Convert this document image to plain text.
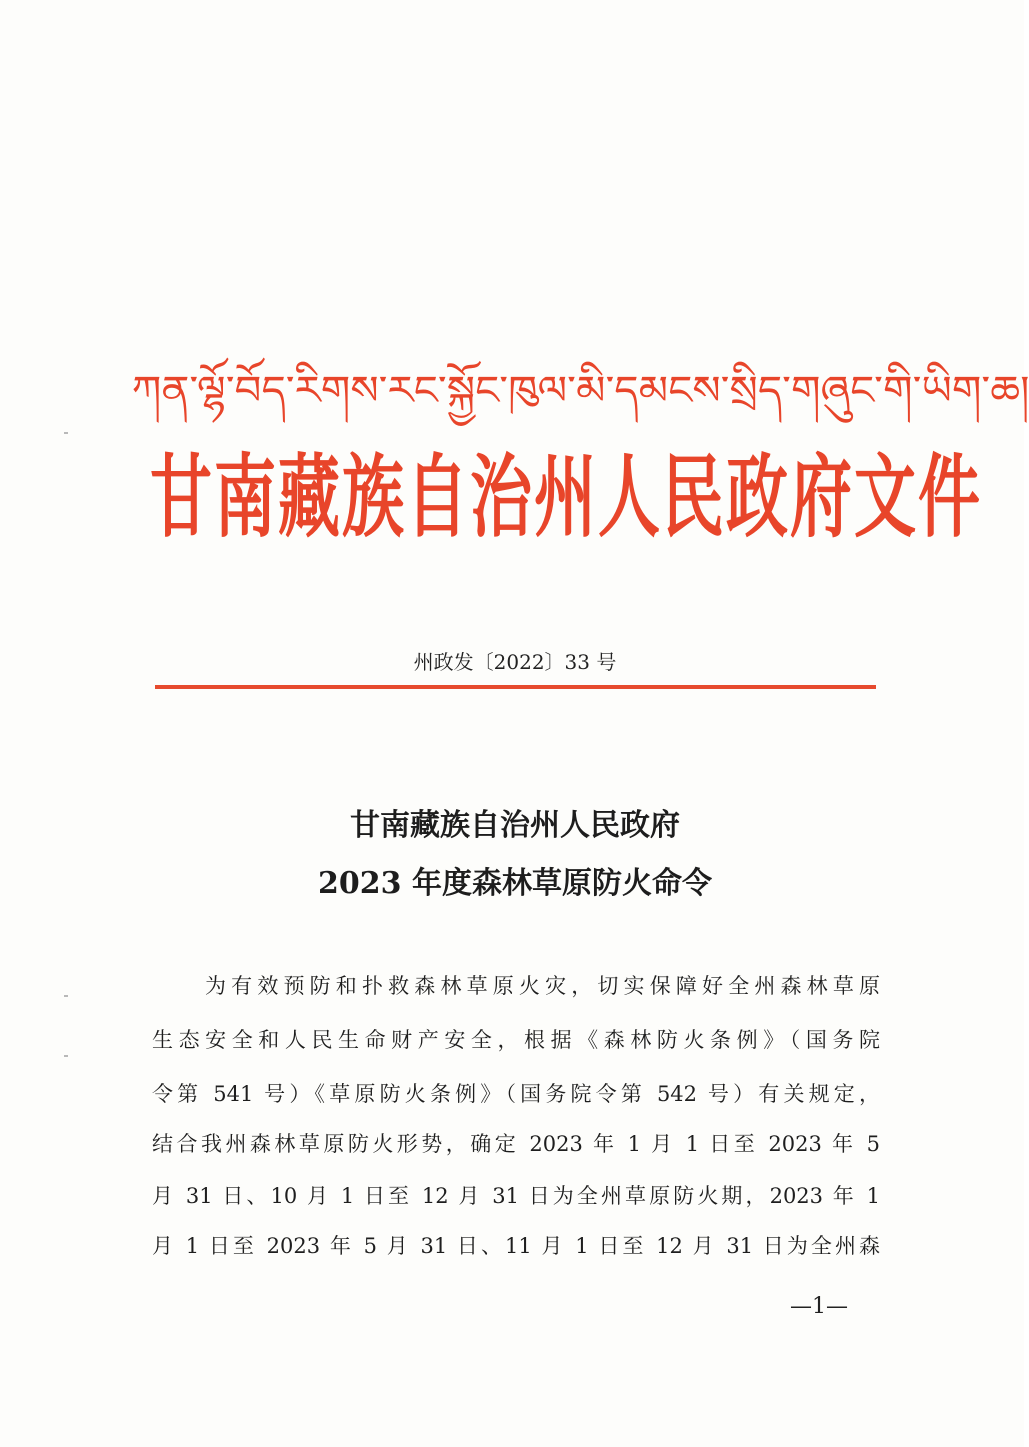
ཀན་ལྷོ་བོད་རིགས་རང་སྐྱོང་ཁུལ་མི་དམངས་སྲིད་གཞུང་གི་ཡིག་ཆ།
甘南藏族自治州人民政府文件
州政发〔2022〕33 号
甘南藏族自治州人民政府
2023 年度森林草原防火命令
为有效预防和扑救森林草原火灾，切实保障好全州森林草原
生态安全和人民生命财产安全，根据《森林防火条例》（国务院
令第 541 号）《草原防火条例》（国务院令第 542 号）有关规定，
结合我州森林草原防火形势，确定 2023 年 1 月 1 日至 2023 年 5
月 31 日、10 月 1 日至 12 月 31 日为全州草原防火期，2023 年 1
月 1 日至 2023 年 5 月 31 日、11 月 1 日至 12 月 31 日为全州森
—1—
